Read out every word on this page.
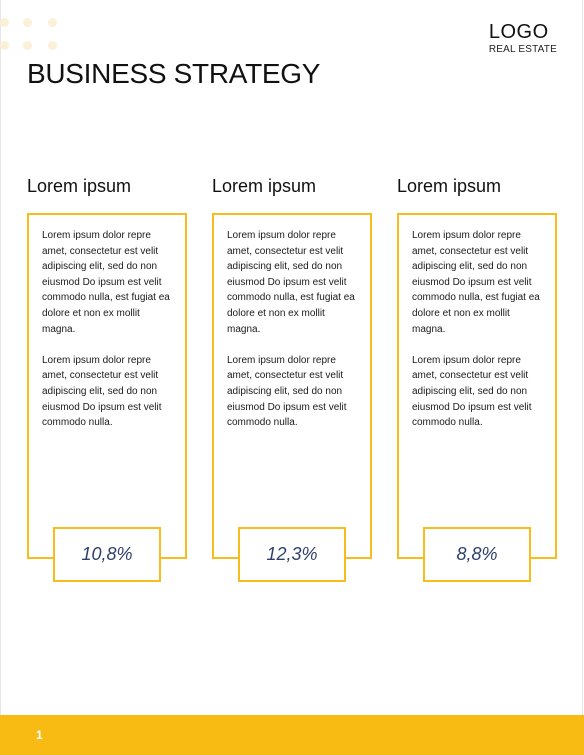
LOGO
REAL ESTATE
BUSINESS STRATEGY
Lorem ipsum

Lorem ipsum dolor repre amet, consectetur est velit adipiscing elit, sed do non eiusmod Do ipsum est velit commodo nulla, est fugiat ea dolore et non ex mollit magna.

Lorem ipsum dolor repre amet, consectetur est velit adipiscing elit, sed do non eiusmod Do ipsum est velit commodo nulla.

10,8%
Lorem ipsum

Lorem ipsum dolor repre amet, consectetur est velit adipiscing elit, sed do non eiusmod Do ipsum est velit commodo nulla, est fugiat ea dolore et non ex mollit magna.

Lorem ipsum dolor repre amet, consectetur est velit adipiscing elit, sed do non eiusmod Do ipsum est velit commodo nulla.

12,3%
Lorem ipsum

Lorem ipsum dolor repre amet, consectetur est velit adipiscing elit, sed do non eiusmod Do ipsum est velit commodo nulla, est fugiat ea dolore et non ex mollit magna.

Lorem ipsum dolor repre amet, consectetur est velit adipiscing elit, sed do non eiusmod Do ipsum est velit commodo nulla.

8,8%
1
